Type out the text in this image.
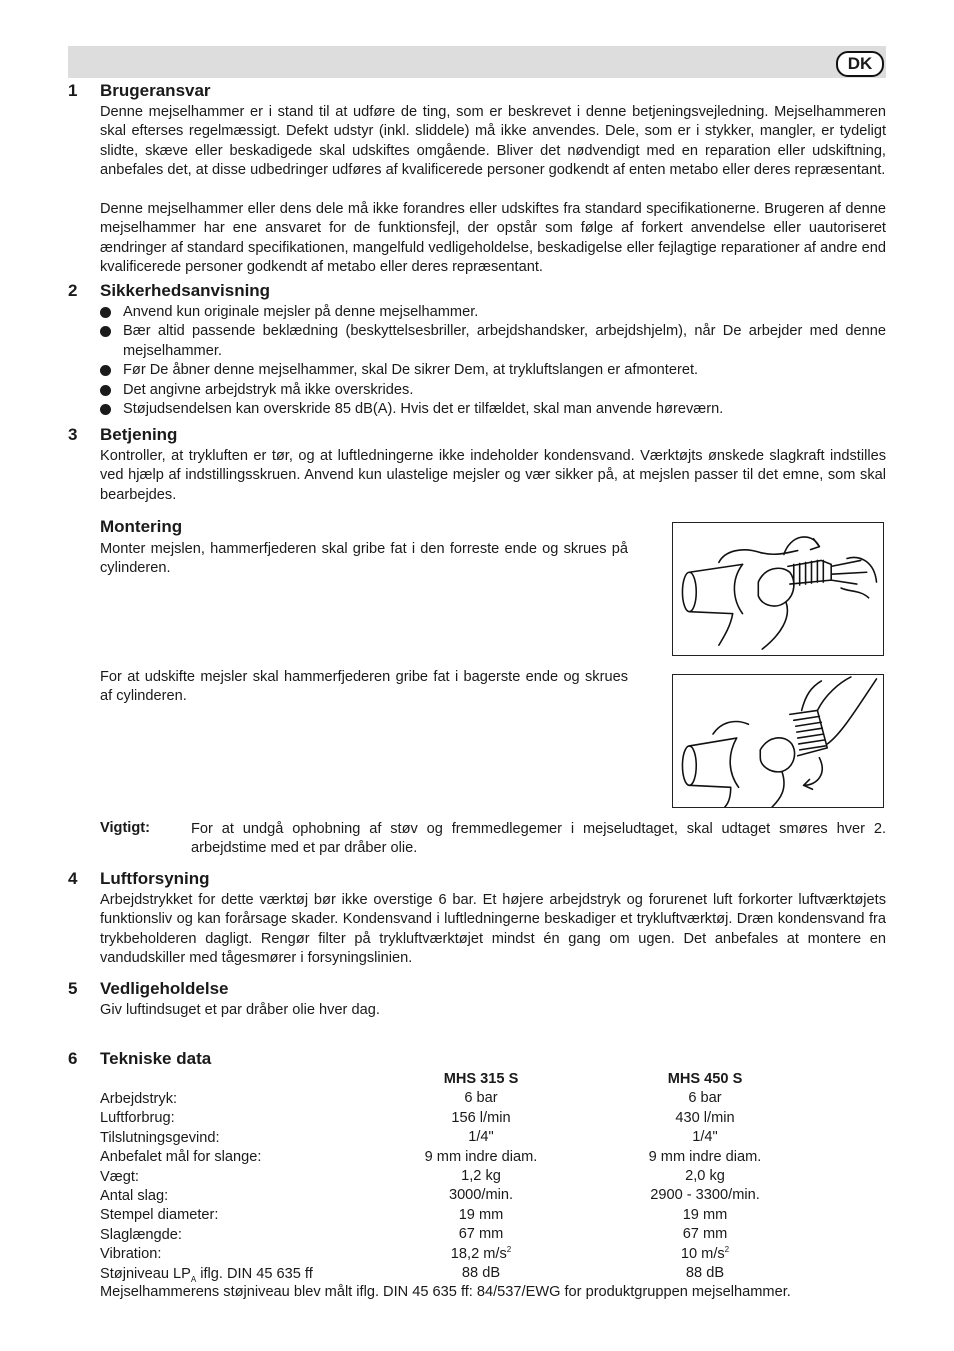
DK
1 Brugeransvar

Denne mejselhammer er i stand til at udføre de ting, som er beskrevet i denne betjeningsvejledning. Mejselhammeren skal efterses regelmæssigt. Defekt udstyr (inkl. sliddele) må ikke anvendes. Dele, som er i stykker, mangler, er tydeligt slidte, skæve eller beskadigede skal udskiftes omgående. Bliver det nødvendigt med en reparation eller udskiftning, anbefales det, at disse udbedringer udføres af kvalificerede personer godkendt af enten metabo eller deres repræsentant.

Denne mejselhammer eller dens dele må ikke forandres eller udskiftes fra standard specifikationerne. Brugeren af denne mejselhammer har ene ansvaret for de funktionsfejl, der opstår som følge af forkert anvendelse eller uautoriseret ændringer af standard specifikationen, mangelfuld vedligeholdelse, beskadigelse eller fejlagtige reparationer af andre end kvalificerede personer godkendt af metabo eller deres repræsentant.

2 Sikkerhedsanvisning
Anvend kun originale mejsler på denne mejselhammer.
Bær altid passende beklædning (beskyttelsesbriller, arbejdshandsker, arbejdshjelm), når De arbejder med denne mejselhammer.
Før De åbner denne mejselhammer, skal De sikrer Dem, at trykluftslangen er afmonteret.
Det angivne arbejdstryk må ikke overskrides.
Støjudsendelsen kan overskride 85 dB(A). Hvis det er tilfældet, skal man anvende høreværn.
3 Betjening

Kontroller, at trykluften er tør, og at luftledningerne ikke indeholder kondensvand. Værktøjts ønskede slagkraft indstilles ved hjælp af indstillingsskruen. Anvend kun ulastelige mejsler og vær sikker på, at mejslen passer til det emne, som skal bearbejdes.

Montering

Monter mejslen, hammerfjederen skal gribe fat i den forreste ende og skrues på cylinderen.

For at udskifte mejsler skal hammerfjederen gribe fat i bagerste ende og skrues af cylinderen.

Vigtigt:	For at undgå ophobning af støv og fremmedlegemer i mejseludtaget, skal udtaget smøres hver 2. arbejdstime med et par dråber olie.

4 Luftforsyning

Arbejdstrykket for dette værktøj bør ikke overstige 6 bar. Et højere arbejdstryk og forurenet luft forkorter luftværktøjets funktionsliv og kan forårsage skader. Kondensvand i luftledningerne beskadiger et trykluftværktøj. Dræn kondensvand fra trykbeholderen dagligt. Rengør filter på trykluftværktøjet mindst én gang om ugen. Det anbefales at montere en vandudskiller med tågesmører i forsyningslinien.

5 Vedligeholdelse

Giv luftindsuget et par dråber olie hver dag.

6 Tekniske data
Arbejdstryk:
Luftforbrug:
Tilslutningsgevind:
Anbefalet mål for slange:
Vægt:
Antal slag:
Stempel diameter:
Slaglængde:
Vibration:
Støjniveau $LP_A$ iflg. DIN 45 635 ff
MHS 315 S
6 bar
156 l/min
1/4"
9 mm indre diam.
1,2 kg
3000/min.
19 mm
67 mm
18,2 $m/s^2$
88 dB
MHS 450 S
6 bar
430 l/min
1/4"
9 mm indre diam.
2,0 kg
2900 - 3300/min.
19 mm
67 mm
10 $m/s^2$
88 dB

Mejselhammerens støjniveau blev målt iflg. DIN 45 635 ff: 84/537/EWG for produktgruppen mejselhammer.
